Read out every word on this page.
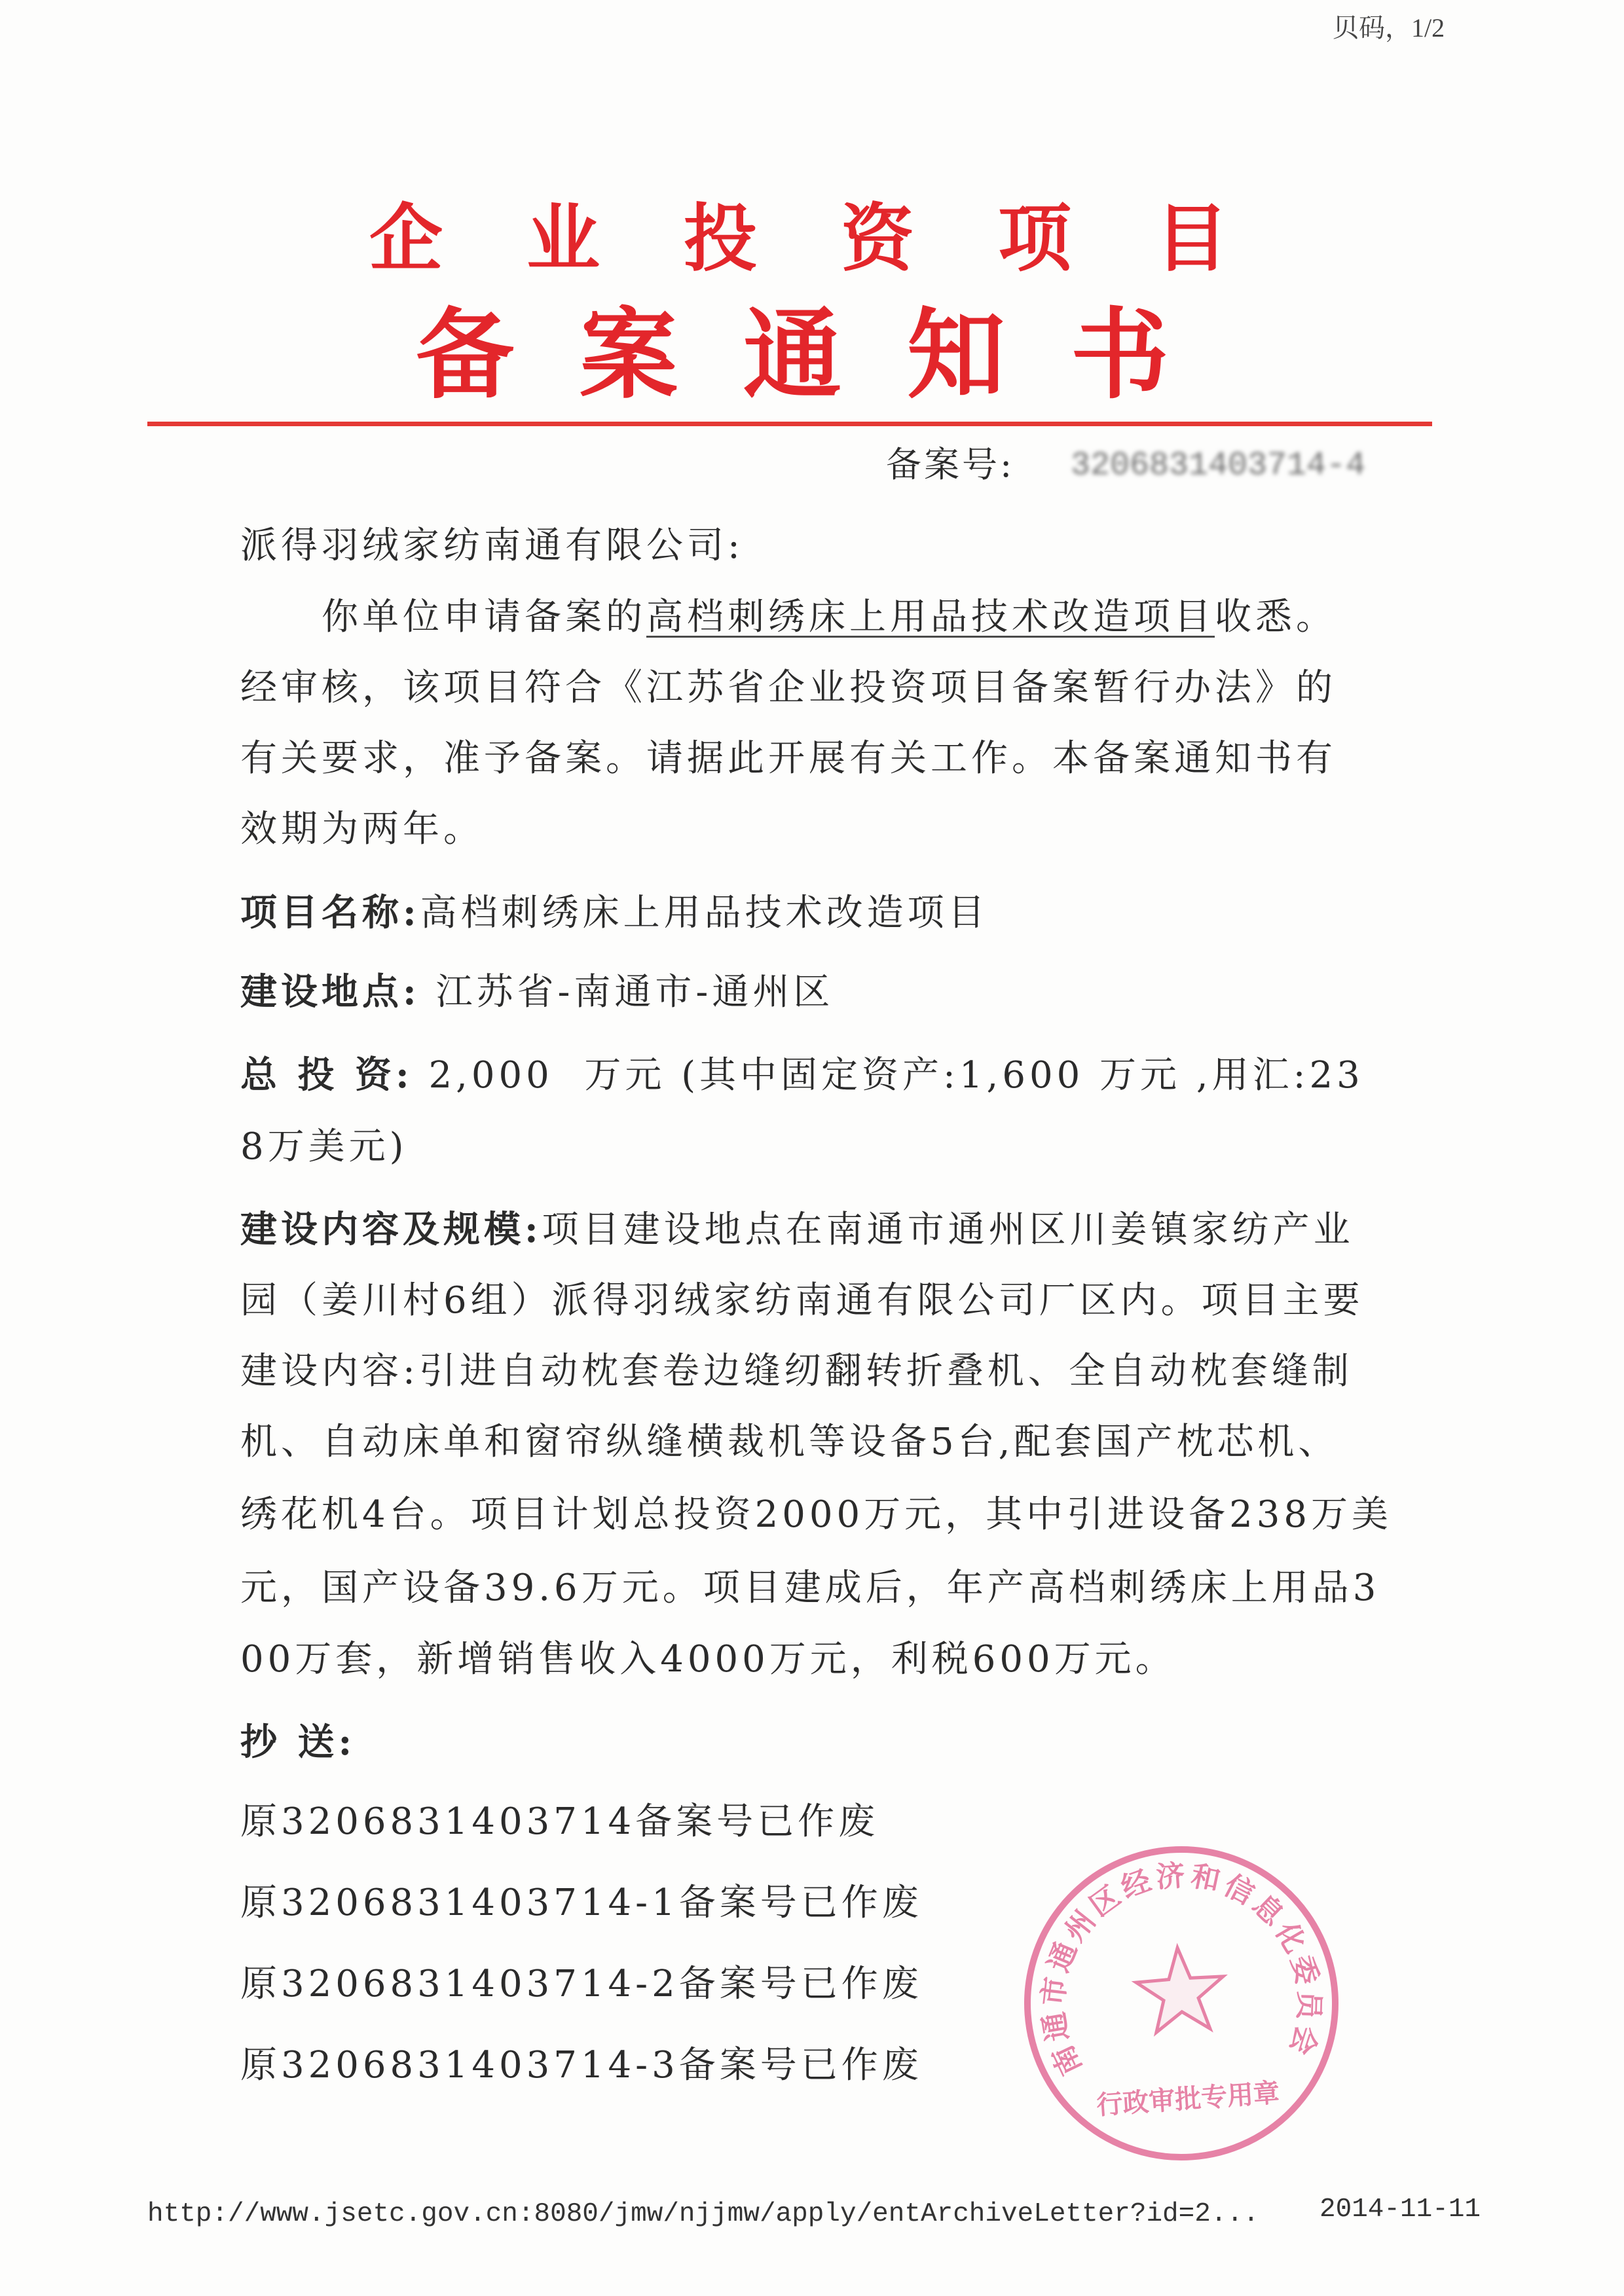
贝码，1/2
企	业	投	资	项	目
备 案 通 知 书
备案号: 3206831403714-4
派得羽绒家纺南通有限公司:
你单位申请备案的高档刺绣床上用品技术改造项目收悉。
经审核，该项目符合《江苏省企业投资项目备案暂行办法》的
有关要求，准予备案。请据此开展有关工作。本备案通知书有
效期为两年。
项目名称:高档刺绣床上用品技术改造项目
建设地点: 江苏省-南通市-通州区
总 投 资: 2,000  万元 (其中固定资产:1,600 万元 ,用汇:23
8万美元)
建设内容及规模:项目建设地点在南通市通州区川姜镇家纺产业
园（姜川村6组）派得羽绒家纺南通有限公司厂区内。项目主要
建设内容:引进自动枕套卷边缝纫翻转折叠机、全自动枕套缝制
机、自动床单和窗帘纵缝横裁机等设备5台,配套国产枕芯机、
绣花机4台。项目计划总投资2000万元，其中引进设备238万美
元，国产设备39.6万元。项目建成后，年产高档刺绣床上用品3
00万套，新增销售收入4000万元，利税600万元。
抄 送:
原3206831403714备案号已作废
原3206831403714-1备案号已作废
原3206831403714-2备案号已作废
原3206831403714-3备案号已作废	南通市通州区经济和信息化委员会
行政审批专用章
http://www.jsetc.gov.cn:8080/jmw/njjmw/apply/entArchiveLetter?id=2... 2014-11-11
